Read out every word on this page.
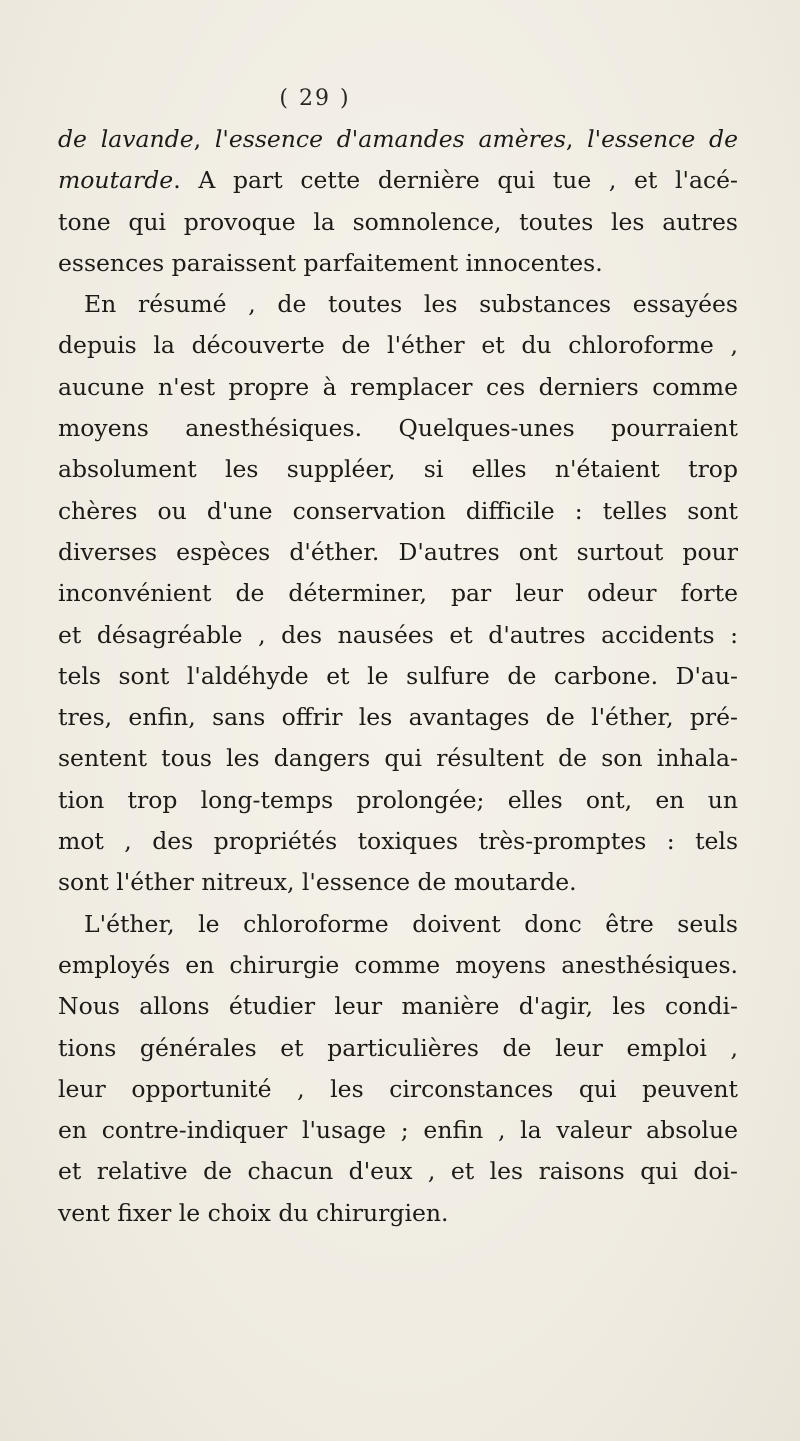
( 29 )
de lavande, l'essence d'amandes amères, l'essence de
moutarde. A part cette dernière qui tue , et l'acé-
tone qui provoque la somnolence, toutes les autres
essences paraissent parfaitement innocentes.
En résumé , de toutes les substances essayées
depuis la découverte de l'éther et du chloroforme ,
aucune n'est propre à remplacer ces derniers comme
moyens anesthésiques. Quelques-unes pourraient
absolument les suppléer, si elles n'étaient trop
chères ou d'une conservation difficile : telles sont
diverses espèces d'éther. D'autres ont surtout pour
inconvénient de déterminer, par leur odeur forte
et désagréable , des nausées et d'autres accidents :
tels sont l'aldéhyde et le sulfure de carbone. D'au-
tres, enfin, sans offrir les avantages de l'éther, pré-
sentent tous les dangers qui résultent de son inhala-
tion trop long-temps prolongée; elles ont, en un
mot , des propriétés toxiques très-promptes : tels
sont l'éther nitreux, l'essence de moutarde.
L'éther, le chloroforme doivent donc être seuls
employés en chirurgie comme moyens anesthésiques.
Nous allons étudier leur manière d'agir, les condi-
tions générales et particulières de leur emploi ,
leur opportunité , les circonstances qui peuvent
en contre-indiquer l'usage ; enfin , la valeur absolue
et relative de chacun d'eux , et les raisons qui doi-
vent fixer le choix du chirurgien.
